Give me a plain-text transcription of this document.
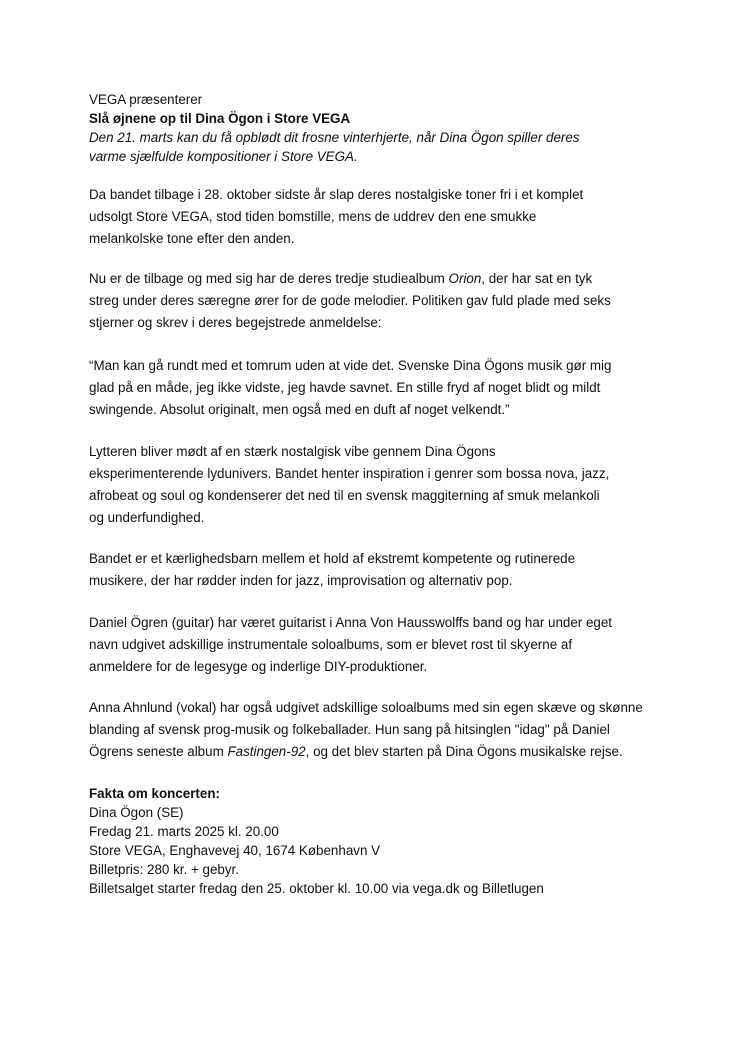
VEGA præsenterer
Slå øjnene op til Dina Ögon i Store VEGA
Den 21. marts kan du få opblødt dit frosne vinterhjerte, når Dina Ögon spiller deres
varme sjælfulde kompositioner i Store VEGA.

Da bandet tilbage i 28. oktober sidste år slap deres nostalgiske toner fri i et komplet
udsolgt Store VEGA, stod tiden bomstille, mens de uddrev den ene smukke
melankolske tone efter den anden.

Nu er de tilbage og med sig har de deres tredje studiealbum Orion, der har sat en tyk
streg under deres særegne ører for de gode melodier. Politiken gav fuld plade med seks
stjerner og skrev i deres begejstrede anmeldelse:

“Man kan gå rundt med et tomrum uden at vide det. Svenske Dina Ögons musik gør mig
glad på en måde, jeg ikke vidste, jeg havde savnet. En stille fryd af noget blidt og mildt
swingende. Absolut originalt, men også med en duft af noget velkendt.”

Lytteren bliver mødt af en stærk nostalgisk vibe gennem Dina Ögons
eksperimenterende lydunivers. Bandet henter inspiration i genrer som bossa nova, jazz,
afrobeat og soul og kondenserer det ned til en svensk maggiterning af smuk melankoli
og underfundighed.

Bandet er et kærlighedsbarn mellem et hold af ekstremt kompetente og rutinerede
musikere, der har rødder inden for jazz, improvisation og alternativ pop.

Daniel Ögren (guitar) har været guitarist i Anna Von Hausswolffs band og har under eget
navn udgivet adskillige instrumentale soloalbums, som er blevet rost til skyerne af
anmeldere for de legesyge og inderlige DIY-produktioner.

Anna Ahnlund (vokal) har også udgivet adskillige soloalbums med sin egen skæve og skønne
blanding af svensk prog-musik og folkeballader. Hun sang på hitsinglen "idag" på Daniel
Ögrens seneste album Fastingen-92, og det blev starten på Dina Ögons musikalske rejse.

Fakta om koncerten:
Dina Ögon (SE)
Fredag 21. marts 2025 kl. 20.00
Store VEGA, Enghavevej 40, 1674 København V
Billetpris: 280 kr. + gebyr.
Billetsalget starter fredag den 25. oktober kl. 10.00 via vega.dk og Billetlugen
